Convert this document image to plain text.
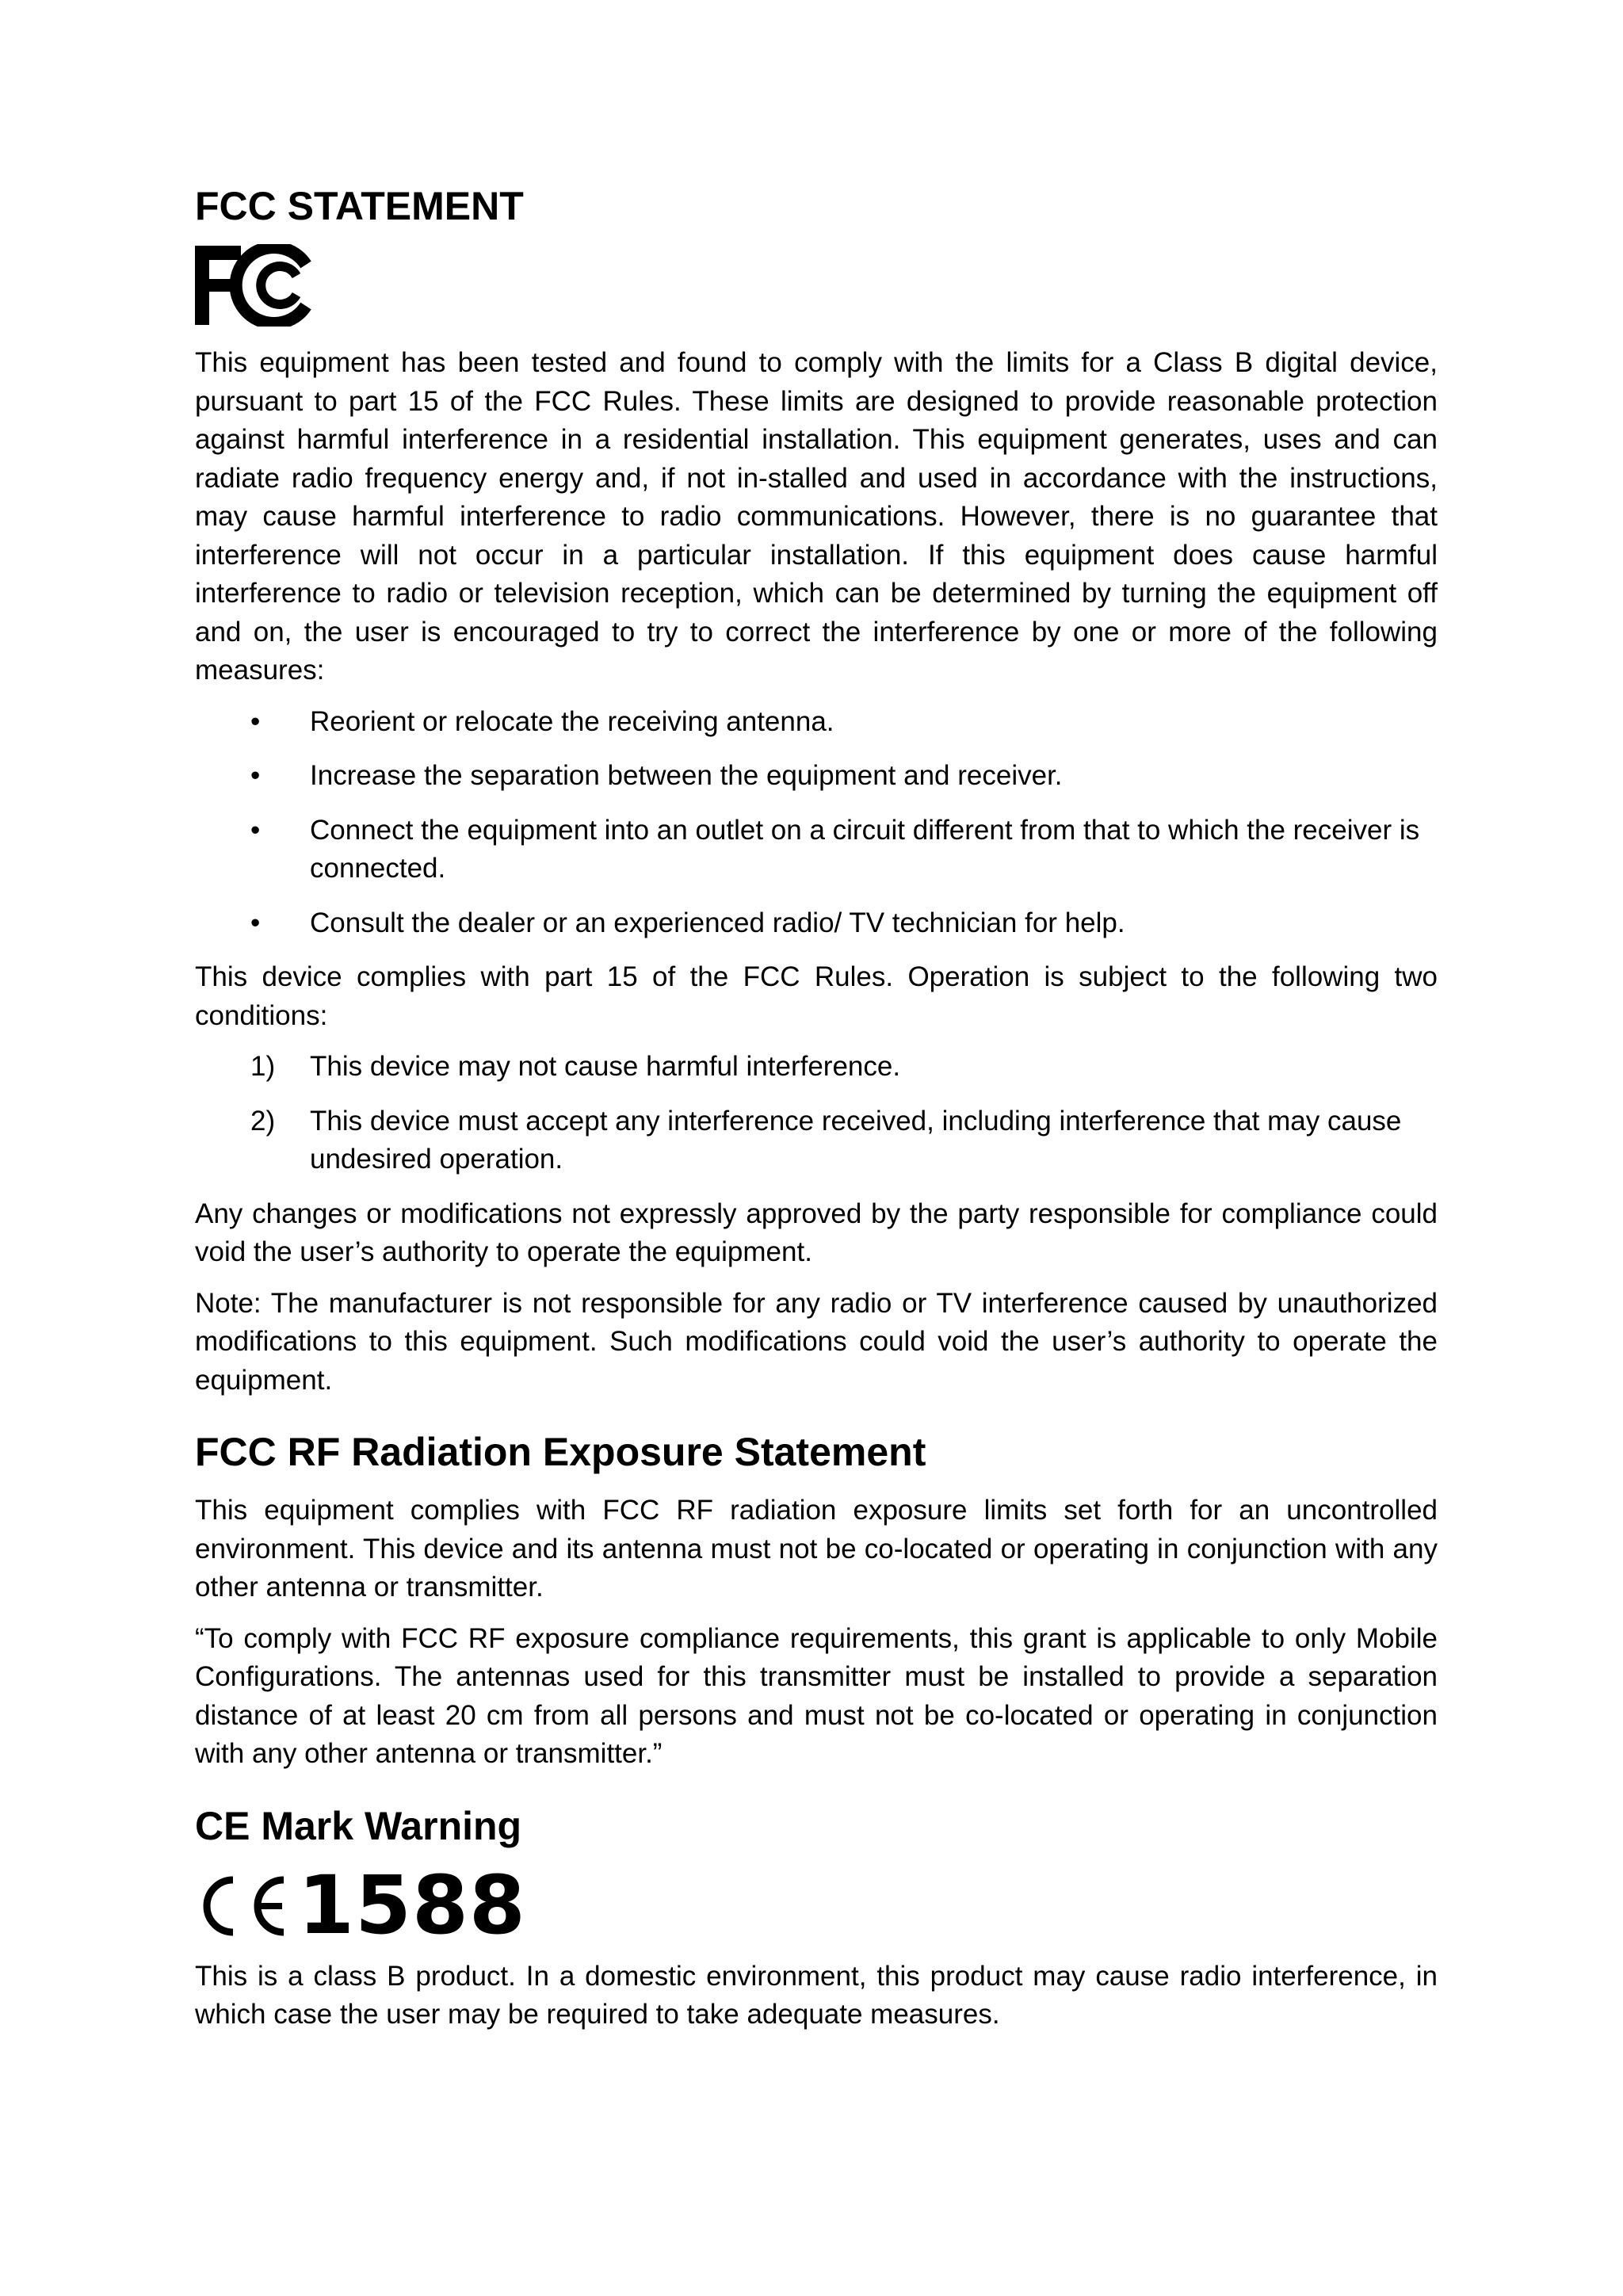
FCC STATEMENT

This equipment has been tested and found to comply with the limits for a Class B digital device, pursuant to part 15 of the FCC Rules. These limits are designed to provide reasonable protection against harmful interference in a residential installation. This equipment generates, uses and can radiate radio frequency energy and, if not in-stalled and used in accordance with the instructions, may cause harmful interference to radio communications. However, there is no guarantee that interference will not occur in a particular installation. If this equipment does cause harmful interference to radio or television reception, which can be determined by turning the equipment off and on, the user is encouraged to try to correct the interference by one or more of the following measures:

• Reorient or relocate the receiving antenna.
• Increase the separation between the equipment and receiver.
• Connect the equipment into an outlet on a circuit different from that to which the receiver is connected.
• Consult the dealer or an experienced radio/ TV technician for help.

This device complies with part 15 of the FCC Rules. Operation is subject to the following two conditions:

1) This device may not cause harmful interference.
2) This device must accept any interference received, including interference that may cause undesired operation.

Any changes or modifications not expressly approved by the party responsible for compliance could void the user’s authority to operate the equipment.

Note: The manufacturer is not responsible for any radio or TV interference caused by unauthorized modifications to this equipment. Such modifications could void the user’s authority to operate the equipment.

FCC RF Radiation Exposure Statement

This equipment complies with FCC RF radiation exposure limits set forth for an uncontrolled environment. This device and its antenna must not be co-located or operating in conjunction with any other antenna or transmitter.

“To comply with FCC RF exposure compliance requirements, this grant is applicable to only Mobile Configurations. The antennas used for this transmitter must be installed to provide a separation distance of at least 20 cm from all persons and must not be co-located or operating in conjunction with any other antenna or transmitter.”

CE Mark Warning
1588

This is a class B product. In a domestic environment, this product may cause radio interference, in which case the user may be required to take adequate measures.
